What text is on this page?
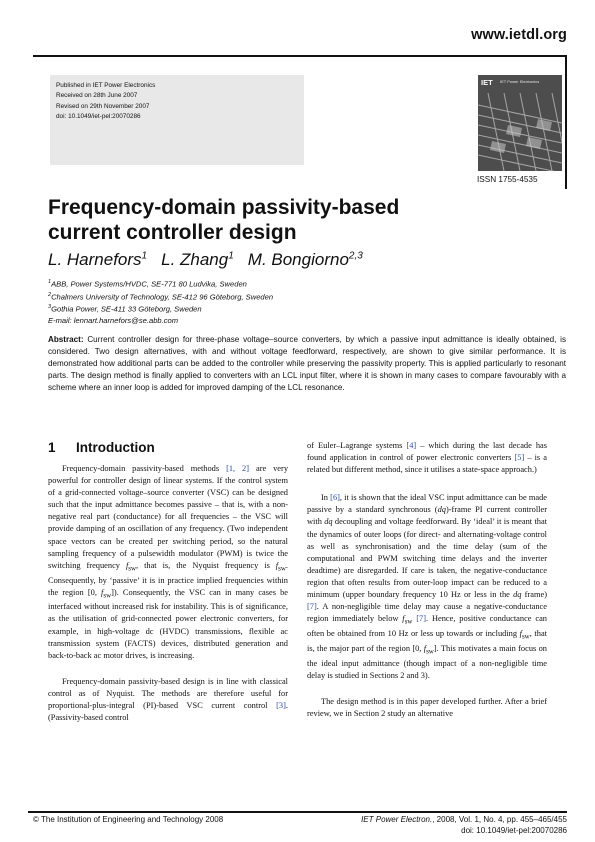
www.ietdl.org
Published in IET Power Electronics
Received on 28th June 2007
Revised on 29th November 2007
doi: 10.1049/iet-pel:20070286
IET IET Power Electronics
ISSN 1755-4535
Frequency-domain passivity-based current controller design
L. Harnefors$^1$ L. Zhang$^1$ M. Bongiorno$^{2,3}$
$^1$ABB, Power Systems/HVDC, SE-771 80 Ludvika, Sweden
$^2$Chalmers University of Technology, SE-412 96 Göteborg, Sweden
$^3$Gothia Power, SE-411 33 Göteborg, Sweden
E-mail: lennart.harnefors@se.abb.com

Abstract: Current controller design for three-phase voltage–source converters, by which a passive input admittance is ideally obtained, is considered. Two design alternatives, with and without voltage feedforward, respectively, are shown to give similar performance. It is demonstrated how additional parts can be added to the controller while preserving the passivity property. This is applied particularly to resonant parts. The design method is finally applied to converters with an LCL input filter, where it is shown in many cases to compare favourably with a scheme where an inner loop is added for improved damping of the LCL resonance.

1 Introduction

Frequency-domain passivity-based methods [1, 2] are very powerful for controller design of linear systems. If the control system of a grid-connected voltage–source converter (VSC) can be designed such that the input admittance becomes passive – that is, with a non-negative real part (conductance) for all frequencies – the VSC will provide damping of an oscillation of any frequency. (Two independent space vectors can be created per switching period, so the natural sampling frequency of a pulsewidth modulator (PWM) is twice the switching frequency $f_{sw}$, that is, the Nyquist frequency is $f_{sw}$. Consequently, by ‘passive’ it is in practice implied frequencies within the region [0, $f_{sw}$]). Consequently, the VSC can in many cases be interfaced without increased risk for instability. This is of significance, as the utilisation of grid-connected power electronic converters, for example, in high-voltage dc (HVDC) transmissions, flexible ac transmission system (FACTS) devices, distributed generation and back-to-back ac motor drives, is increasing.

Frequency-domain passivity-based design is in line with classical control as of Nyquist. The methods are therefore useful for proportional-plus-integral (PI)-based VSC current control [3]. (Passivity-based control

of Euler–Lagrange systems [4] – which during the last decade has found application in control of power electronic converters [5] – is a related but different method, since it utilises a state-space approach.)

In [6], it is shown that the ideal VSC input admittance can be made passive by a standard synchronous (dq)-frame PI current controller with dq decoupling and voltage feedforward. By ‘ideal’ it is meant that the dynamics of outer loops (for direct- and alternating-voltage control as well as synchronisation) and the time delay (sum of the computational and PWM switching time delays and the inverter deadtime) are disregarded. If care is taken, the negative-conductance region that often results from outer-loop impact can be reduced to a minimum (upper boundary frequency 10 Hz or less in the dq frame) [7]. A non-negligible time delay may cause a negative-conductance region immediately below $f_{sw}$ [7]. Hence, positive conductance can often be obtained from 10 Hz or less up towards or including $f_{sw}$, that is, the major part of the region [0, $f_{sw}$]. This motivates a main focus on the ideal input admittance (though impact of a non-negligible time delay is studied in Sections 2 and 3).

The design method is in this paper developed further. After a brief review, we in Section 2 study an alternative

© The Institution of Engineering and Technology 2008	IET Power Electron., 2008, Vol. 1, No. 4, pp. 455–465/455
doi: 10.1049/iet-pel:20070286
